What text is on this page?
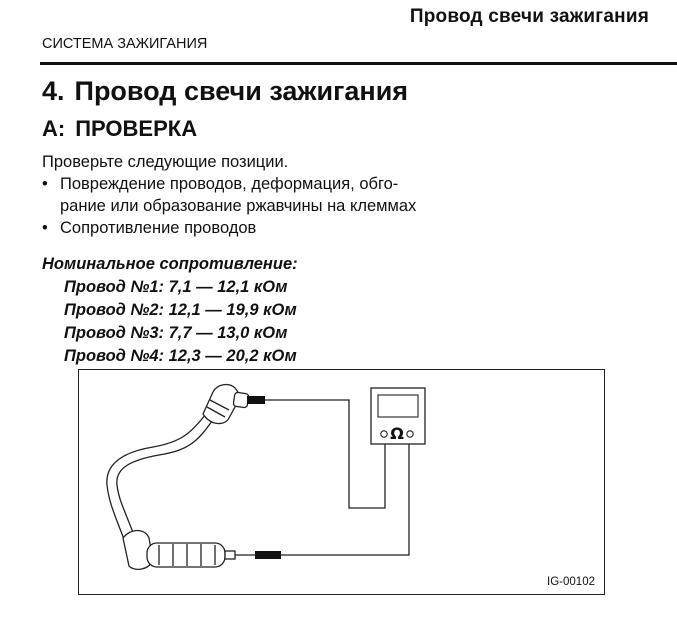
Провод свечи зажигания
СИСТЕМА ЗАЖИГАНИЯ
4. Провод свечи зажигания
A: ПРОВЕРКА
Проверьте следующие позиции.
• Повреждение проводов, деформация, обго-
рание или образование ржавчины на клеммах
• Сопротивление проводов
Номинальное сопротивление:
Провод №1: 7,1 — 12,1 кОм
Провод №2: 12,1 — 19,9 кОм
Провод №3: 7,7 — 13,0 кОм
Провод №4: 12,3 — 20,2 кОм
Ω
IG-00102
